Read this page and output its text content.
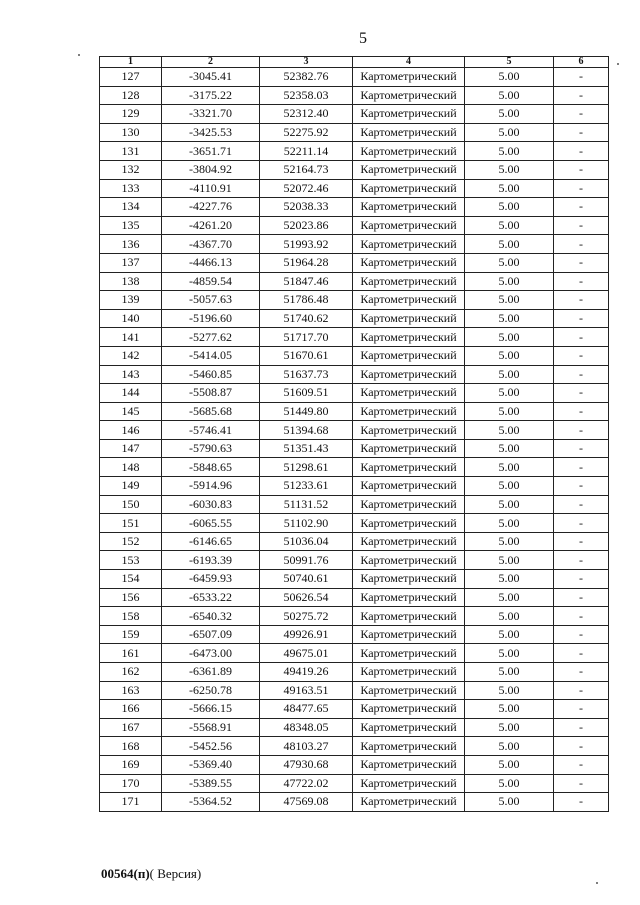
5
1	2	3	4	5	6
127	-3045.41	52382.76	Картометрический	5.00	-
128	-3175.22	52358.03	Картометрический	5.00	-
129	-3321.70	52312.40	Картометрический	5.00	-
130	-3425.53	52275.92	Картометрический	5.00	-
131	-3651.71	52211.14	Картометрический	5.00	-
132	-3804.92	52164.73	Картометрический	5.00	-
133	-4110.91	52072.46	Картометрический	5.00	-
134	-4227.76	52038.33	Картометрический	5.00	-
135	-4261.20	52023.86	Картометрический	5.00	-
136	-4367.70	51993.92	Картометрический	5.00	-
137	-4466.13	51964.28	Картометрический	5.00	-
138	-4859.54	51847.46	Картометрический	5.00	-
139	-5057.63	51786.48	Картометрический	5.00	-
140	-5196.60	51740.62	Картометрический	5.00	-
141	-5277.62	51717.70	Картометрический	5.00	-
142	-5414.05	51670.61	Картометрический	5.00	-
143	-5460.85	51637.73	Картометрический	5.00	-
144	-5508.87	51609.51	Картометрический	5.00	-
145	-5685.68	51449.80	Картометрический	5.00	-
146	-5746.41	51394.68	Картометрический	5.00	-
147	-5790.63	51351.43	Картометрический	5.00	-
148	-5848.65	51298.61	Картометрический	5.00	-
149	-5914.96	51233.61	Картометрический	5.00	-
150	-6030.83	51131.52	Картометрический	5.00	-
151	-6065.55	51102.90	Картометрический	5.00	-
152	-6146.65	51036.04	Картометрический	5.00	-
153	-6193.39	50991.76	Картометрический	5.00	-
154	-6459.93	50740.61	Картометрический	5.00	-
156	-6533.22	50626.54	Картометрический	5.00	-
158	-6540.32	50275.72	Картометрический	5.00	-
159	-6507.09	49926.91	Картометрический	5.00	-
161	-6473.00	49675.01	Картометрический	5.00	-
162	-6361.89	49419.26	Картометрический	5.00	-
163	-6250.78	49163.51	Картометрический	5.00	-
166	-5666.15	48477.65	Картометрический	5.00	-
167	-5568.91	48348.05	Картометрический	5.00	-
168	-5452.56	48103.27	Картометрический	5.00	-
169	-5369.40	47930.68	Картометрический	5.00	-
170	-5389.55	47722.02	Картометрический	5.00	-
171	-5364.52	47569.08	Картометрический	5.00	-
00564(п)( Версия)
